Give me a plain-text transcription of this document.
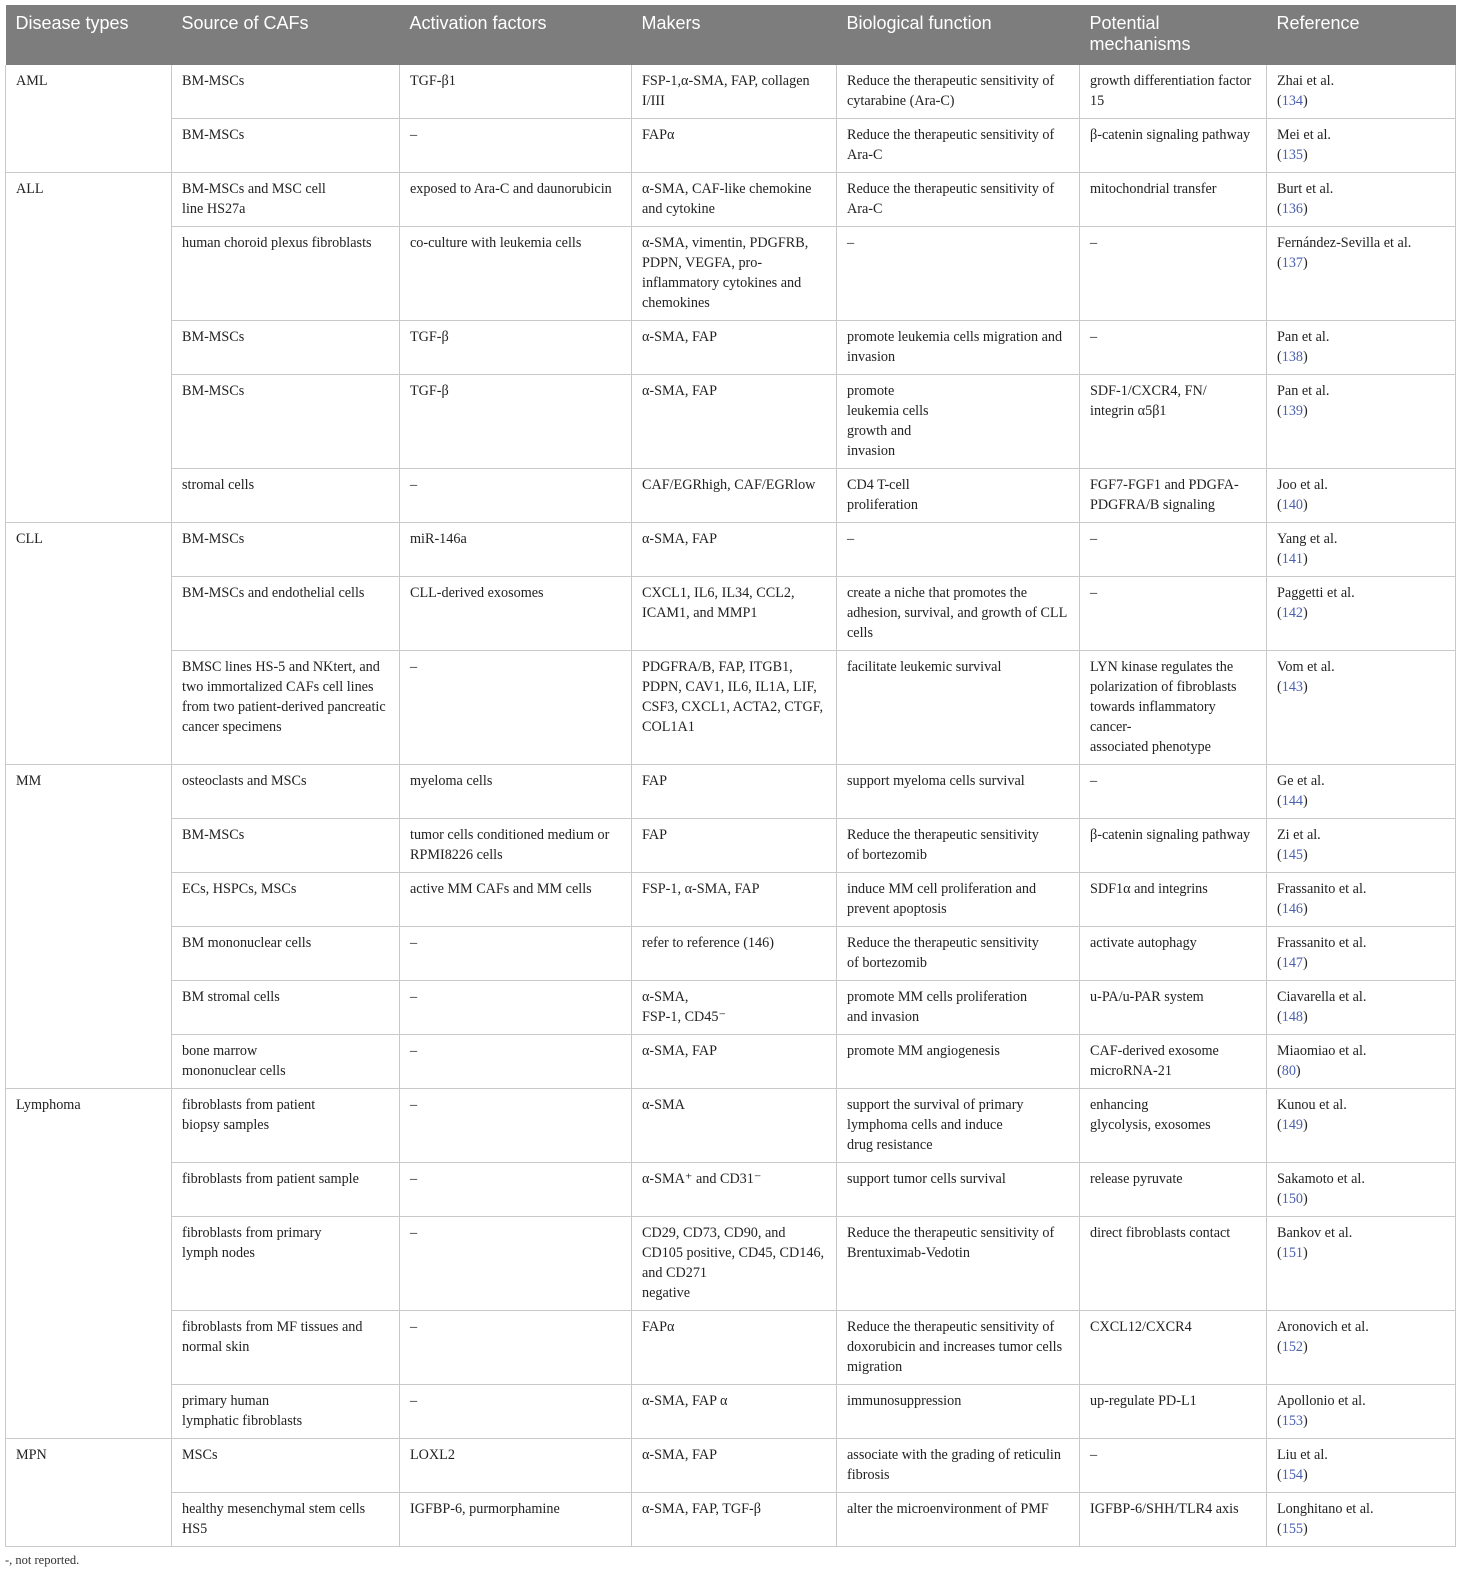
Disease types	Source of CAFs	Activation factors	Makers	Biological function	Potential
mechanisms	Reference
AML	BM-MSCs	TGF-β1	FSP-1,α-SMA, FAP, collagen I/III	Reduce the therapeutic sensitivity of cytarabine (Ara-C)	growth differentiation factor 15	Zhai et al.
(134)
	BM-MSCs	–	FAPα	Reduce the therapeutic sensitivity of Ara-C	β-catenin signaling pathway	Mei et al.
(135)
ALL	BM-MSCs and MSC cell
line HS27a	exposed to Ara-C and daunorubicin	α-SMA, CAF-like chemokine and cytokine	Reduce the therapeutic sensitivity of Ara-C	mitochondrial transfer	Burt et al.
(136)
	human choroid plexus fibroblasts	co-culture with leukemia cells	α-SMA, vimentin, PDGFRB, PDPN, VEGFA, pro-inflammatory cytokines and chemokines	–	–	Fernández-Sevilla et al.
(137)
	BM-MSCs	TGF-β	α-SMA, FAP	promote leukemia cells migration and invasion	–	Pan et al.
(138)
	BM-MSCs	TGF-β	α-SMA, FAP	promote
leukemia cells
growth and
invasion	SDF-1/CXCR4, FN/
integrin α5β1	Pan et al.
(139)
	stromal cells	–	CAF/EGRhigh, CAF/EGRlow	CD4 T-cell
proliferation	FGF7-FGF1 and PDGFA-PDGFRA/B signaling	Joo et al.
(140)
CLL	BM-MSCs	miR-146a	α-SMA, FAP	–	–	Yang et al.
(141)
	BM-MSCs and endothelial cells	CLL-derived exosomes	CXCL1, IL6, IL34, CCL2, ICAM1, and MMP1	create a niche that promotes the adhesion, survival, and growth of CLL cells	–	Paggetti et al.
(142)
	BMSC lines HS-5 and NKtert, and two immortalized CAFs cell lines from two patient-derived pancreatic cancer specimens	–	PDGFRA/B, FAP, ITGB1, PDPN, CAV1, IL6, IL1A, LIF, CSF3, CXCL1, ACTA2, CTGF, COL1A1	facilitate leukemic survival	LYN kinase regulates the polarization of fibroblasts towards inflammatory cancer-
associated phenotype	Vom et al.
(143)
MM	osteoclasts and MSCs	myeloma cells	FAP	support myeloma cells survival	–	Ge et al.
(144)
	BM-MSCs	tumor cells conditioned medium or RPMI8226 cells	FAP	Reduce the therapeutic sensitivity
of bortezomib	β-catenin signaling pathway	Zi et al.
(145)
	ECs, HSPCs, MSCs	active MM CAFs and MM cells	FSP-1, α-SMA, FAP	induce MM cell proliferation and prevent apoptosis	SDF1α and integrins	Frassanito et al.
(146)
	BM mononuclear cells	–	refer to reference (146)	Reduce the therapeutic sensitivity
of bortezomib	activate autophagy	Frassanito et al.
(147)
	BM stromal cells	–	α-SMA,
FSP-1, CD45⁻	promote MM cells proliferation
and invasion	u-PA/u-PAR system	Ciavarella et al.
(148)
	bone marrow
mononuclear cells	–	α-SMA, FAP	promote MM angiogenesis	CAF-derived exosome microRNA-21	Miaomiao et al.
(80)
Lymphoma	fibroblasts from patient
biopsy samples	–	α-SMA	support the survival of primary
lymphoma cells and induce
drug resistance	enhancing
glycolysis, exosomes	Kunou et al.
(149)
	fibroblasts from patient sample	–	α-SMA⁺ and CD31⁻	support tumor cells survival	release pyruvate	Sakamoto et al.
(150)
	fibroblasts from primary
lymph nodes	–	CD29, CD73, CD90, and CD105 positive, CD45, CD146, and CD271
negative	Reduce the therapeutic sensitivity of Brentuximab-Vedotin	direct fibroblasts contact	Bankov et al.
(151)
	fibroblasts from MF tissues and normal skin	–	FAPα	Reduce the therapeutic sensitivity of doxorubicin and increases tumor cells migration	CXCL12/CXCR4	Aronovich et al.
(152)
	primary human
lymphatic fibroblasts	–	α-SMA, FAP α	immunosuppression	up-regulate PD-L1	Apollonio et al.
(153)
MPN	MSCs	LOXL2	α-SMA, FAP	associate with the grading of reticulin fibrosis	–	Liu et al.
(154)
	healthy mesenchymal stem cells HS5	IGFBP-6, purmorphamine	α-SMA, FAP, TGF-β	alter the microenvironment of PMF	IGFBP-6/SHH/TLR4 axis	Longhitano et al.
(155)
-, not reported.
